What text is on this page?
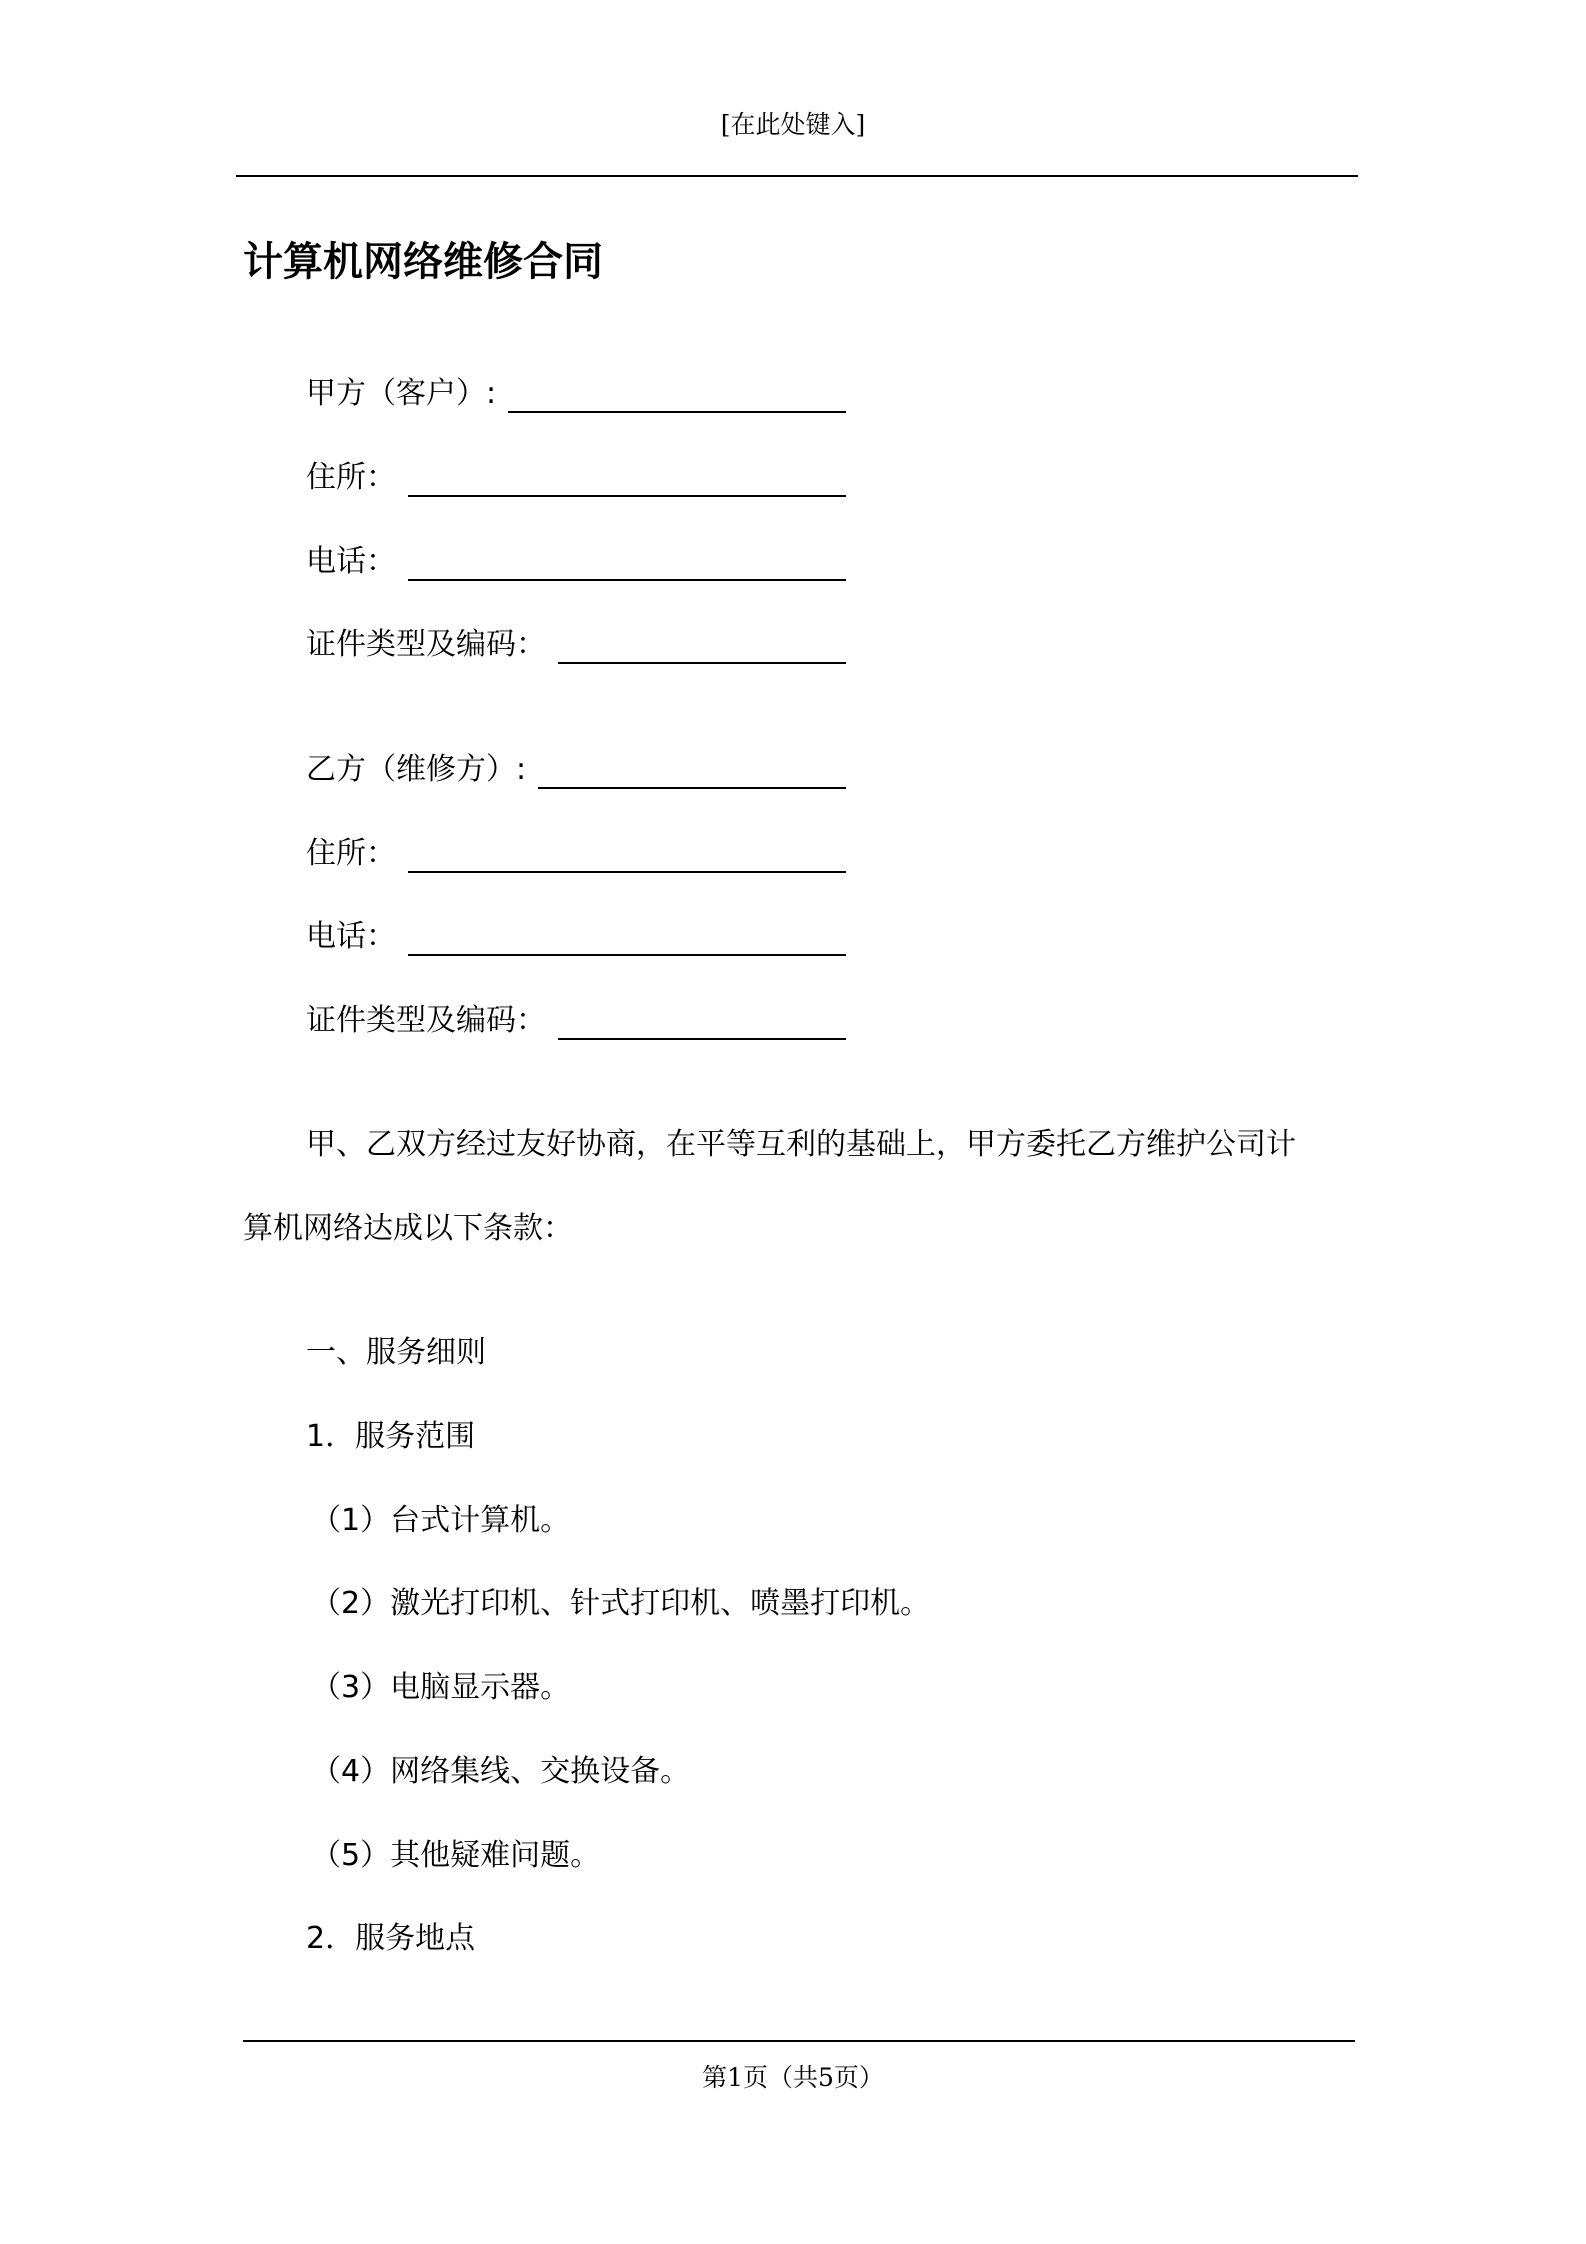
[在此处键入]
计算机网络维修合同
甲方（客户）:
住所：
电话：
证件类型及编码：
乙方（维修方）:
住所：
电话：
证件类型及编码：
甲、乙双方经过友好协商，在平等互利的基础上，甲方委托乙方维护公司计
算机网络达成以下条款：
一、服务细则
1．服务范围
（1）台式计算机。
（2）激光打印机、针式打印机、喷墨打印机。
（3）电脑显示器。
（4）网络集线、交换设备。
（5）其他疑难问题。
2．服务地点
第1页（共5页）
